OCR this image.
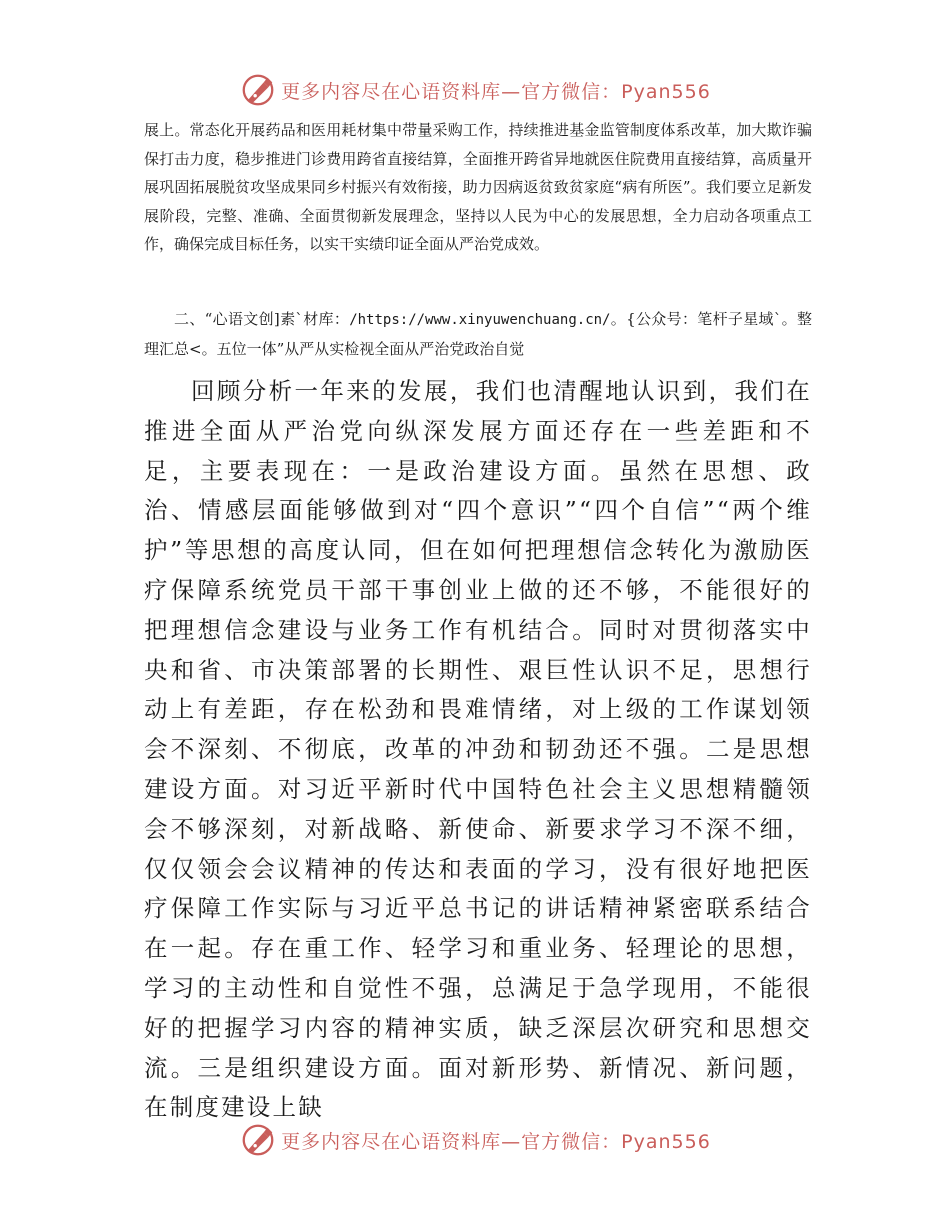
更多内容尽在心语资料库—官方微信：Pyan556

展上。常态化开展药品和医用耗材集中带量采购工作，持续推进基金监管制度体系改革，加大欺诈骗保打击力度，稳步推进门诊费用跨省直接结算，全面推开跨省异地就医住院费用直接结算，高质量开展巩固拓展脱贫攻坚成果同乡村振兴有效衔接，助力因病返贫致贫家庭“病有所医”。我们要立足新发展阶段，完整、准确、全面贯彻新发展理念，坚持以人民为中心的发展思想，全力启动各项重点工作，确保完成目标任务，以实干实绩印证全面从严治党成效。

二、“心语文创]素`材库：/https://www.xinyuwenchuang.cn/。{公众号：笔杆子星域`。整理汇总<。五位一体”从严从实检视全面从严治党政治自觉

回顾分析一年来的发展，我们也清醒地认识到，我们在推进全面从严治党向纵深发展方面还存在一些差距和不足，主要表现在：一是政治建设方面。虽然在思想、政治、情感层面能够做到对“四个意识”“四个自信”“两个维护”等思想的高度认同，但在如何把理想信念转化为激励医疗保障系统党员干部干事创业上做的还不够，不能很好的把理想信念建设与业务工作有机结合。同时对贯彻落实中央和省、市决策部署的长期性、艰巨性认识不足，思想行动上有差距，存在松劲和畏难情绪，对上级的工作谋划领会不深刻、不彻底，改革的冲劲和韧劲还不强。二是思想建设方面。对习近平新时代中国特色社会主义思想精髓领会不够深刻，对新战略、新使命、新要求学习不深不细，仅仅领会会议精神的传达和表面的学习，没有很好地把医疗保障工作实际与习近平总书记的讲话精神紧密联系结合在一起。存在重工作、轻学习和重业务、轻理论的思想，学习的主动性和自觉性不强，总满足于急学现用，不能很好的把握学习内容的精神实质，缺乏深层次研究和思想交流。三是组织建设方面。面对新形势、新情况、新问题，在制度建设上缺

更多内容尽在心语资料库—官方微信：Pyan556
